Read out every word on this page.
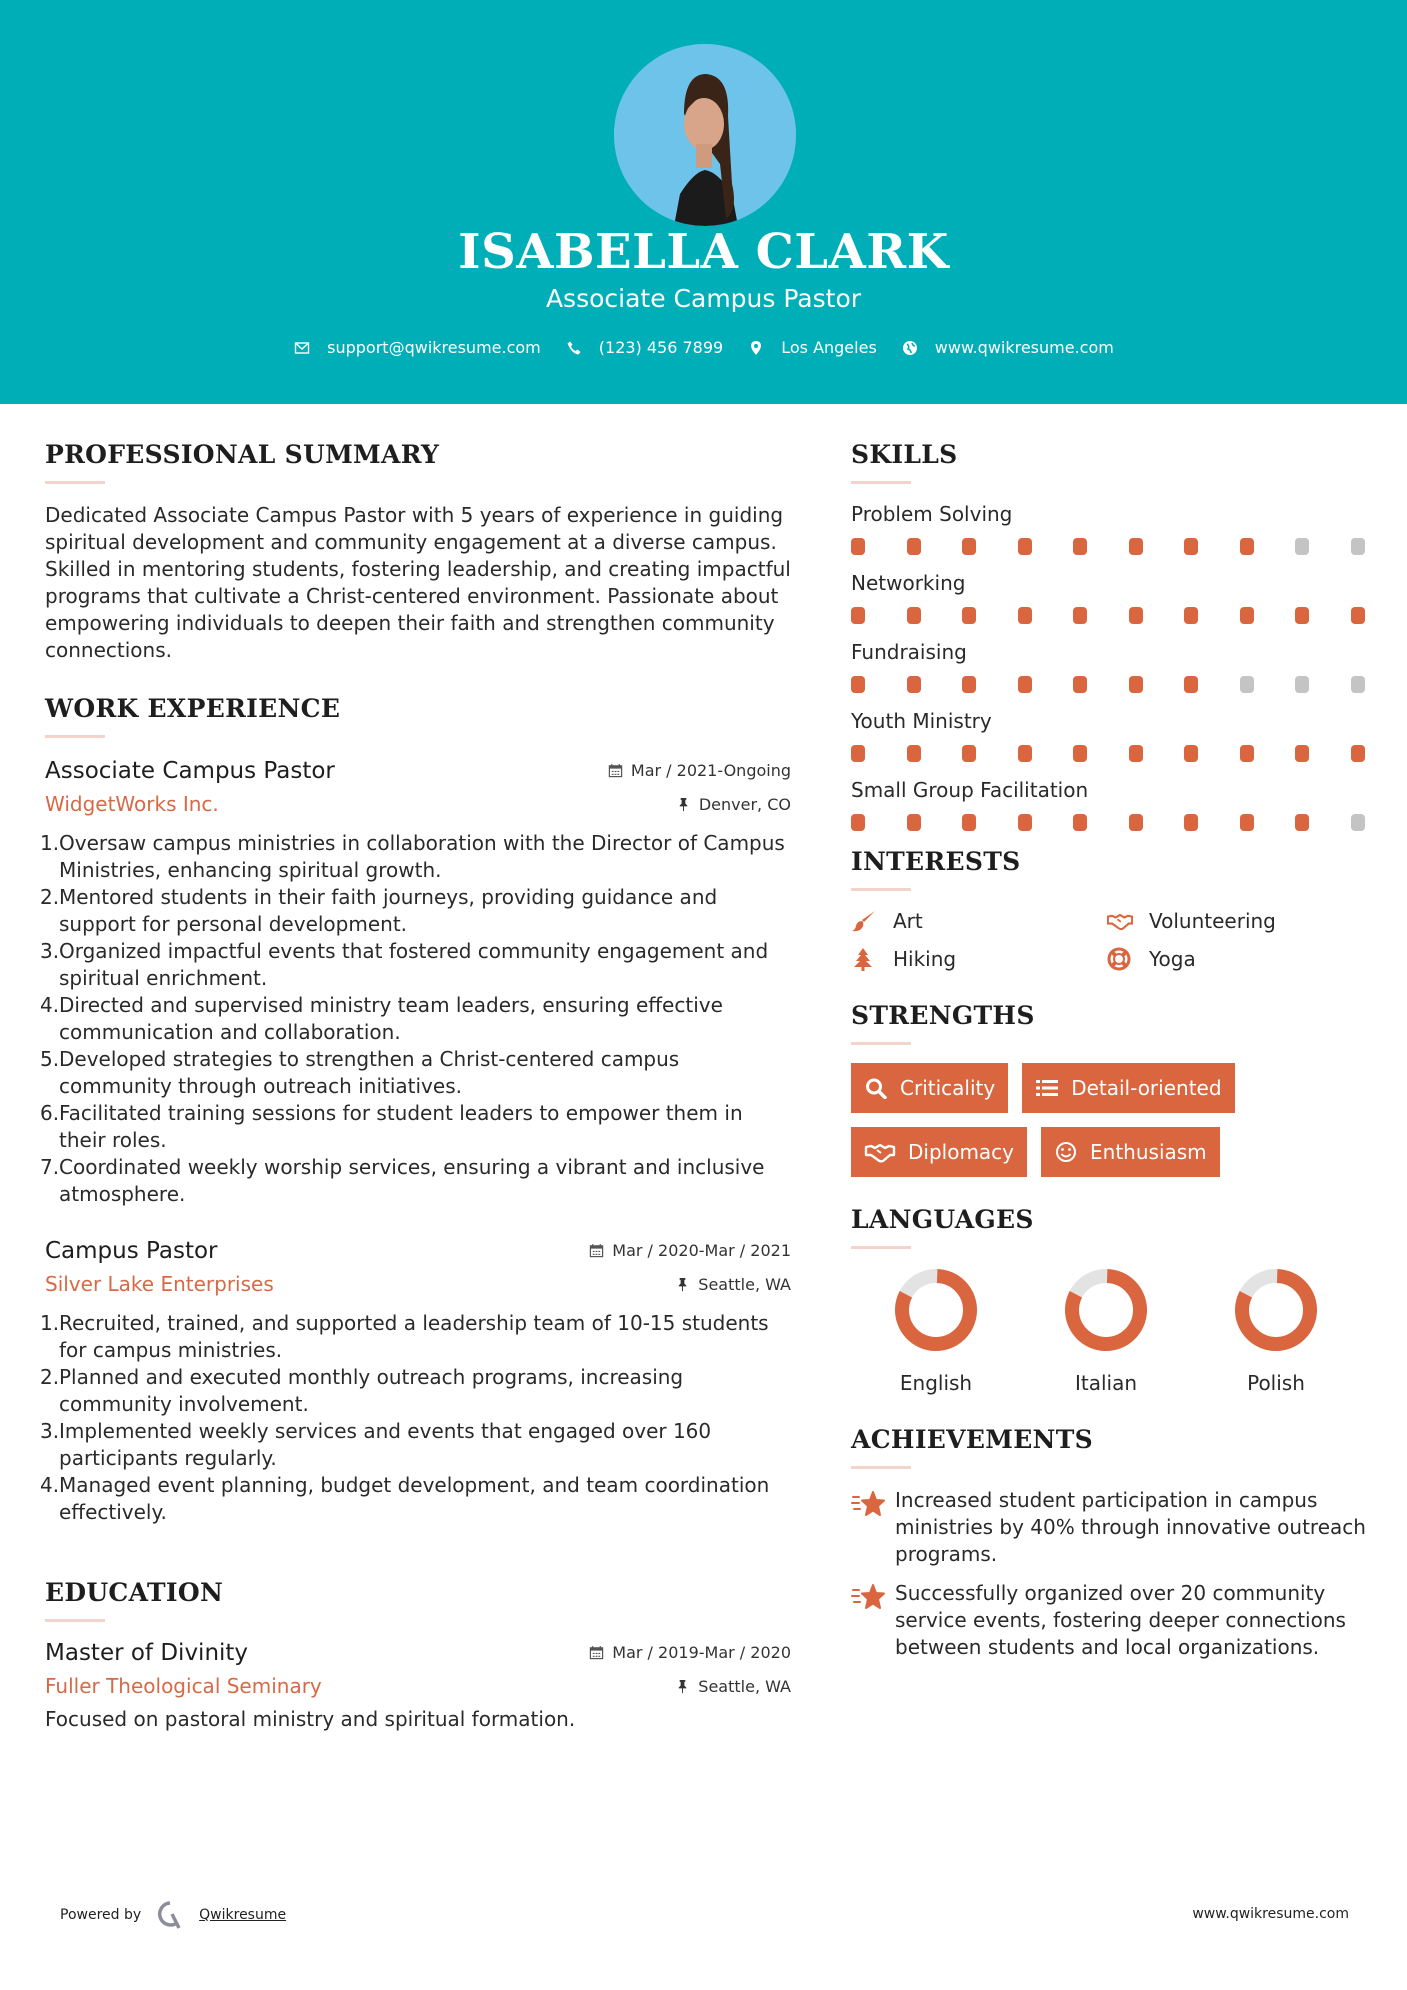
ISABELLA CLARK
Associate Campus Pastor
support@qwikresume.com	(123) 456 7899	Los Angeles	www.qwikresume.com
PROFESSIONAL SUMMARY

Dedicated Associate Campus Pastor with 5 years of experience in guiding spiritual development and community engagement at a diverse campus. Skilled in mentoring students, fostering leadership, and creating impactful programs that cultivate a Christ-centered environment. Passionate about empowering individuals to deepen their faith and strengthen community connections.

WORK EXPERIENCE
Associate Campus Pastor	Mar / 2021-Ongoing
WidgetWorks Inc.	Denver, CO
1. Oversaw campus ministries in collaboration with the Director of Campus Ministries, enhancing spiritual growth.
2. Mentored students in their faith journeys, providing guidance and support for personal development.
3. Organized impactful events that fostered community engagement and spiritual enrichment.
4. Directed and supervised ministry team leaders, ensuring effective communication and collaboration.
5. Developed strategies to strengthen a Christ-centered campus community through outreach initiatives.
6. Facilitated training sessions for student leaders to empower them in their roles.
7. Coordinated weekly worship services, ensuring a vibrant and inclusive atmosphere.
Campus Pastor	Mar / 2020-Mar / 2021
Silver Lake Enterprises	Seattle, WA
1. Recruited, trained, and supported a leadership team of 10-15 students for campus ministries.
2. Planned and executed monthly outreach programs, increasing community involvement.
3. Implemented weekly services and events that engaged over 160 participants regularly.
4. Managed event planning, budget development, and team coordination effectively.
EDUCATION
Master of Divinity	Mar / 2019-Mar / 2020
Fuller Theological Seminary	Seattle, WA

Focused on pastoral ministry and spiritual formation.

SKILLS
Problem Solving
Networking
Fundraising
Youth Ministry
Small Group Facilitation
INTERESTS
Art	Volunteering
Hiking	Yoga
STRENGTHS
Criticality	Detail-oriented
Diplomacy	Enthusiasm
LANGUAGES
English	Italian	Polish
ACHIEVEMENTS
Increased student participation in campus ministries by 40% through innovative outreach programs.
Successfully organized over 20 community service events, fostering deeper connections between students and local organizations.
Powered by	Qwikresume	www.qwikresume.com
